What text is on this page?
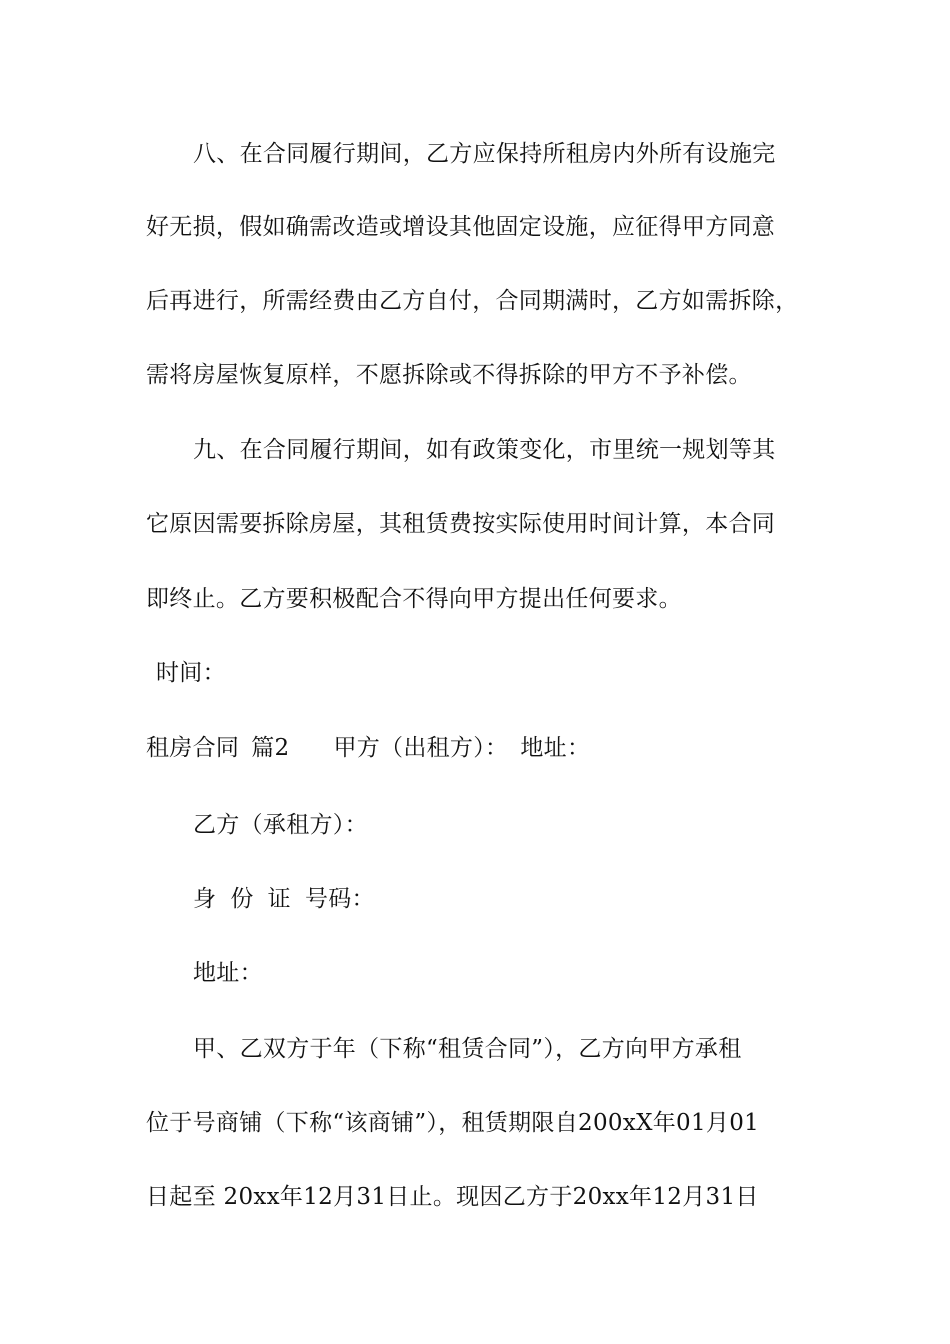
八、在合同履行期间，乙方应保持所租房内外所有设施完
好无损，假如确需改造或增设其他固定设施，应征得甲方同意
后再进行，所需经费由乙方自付，合同期满时，乙方如需拆除，
需将房屋恢复原样，不愿拆除或不得拆除的甲方不予补偿。
九、在合同履行期间，如有政策变化，市里统一规划等其
它原因需要拆除房屋，其租赁费按实际使用时间计算，本合同
即终止。乙方要积极配合不得向甲方提出任何要求。
时间：
租房合同 篇2 甲方（出租方）： 地址：
乙方（承租方）：
身 份 证 号码：
地址：
甲、乙双方于年（下称“租赁合同”），乙方向甲方承租
位于号商铺（下称“该商铺”），租赁期限自200xX年01月01
日起至 20xx年12月31日止。现因乙方于20xx年12月31日
